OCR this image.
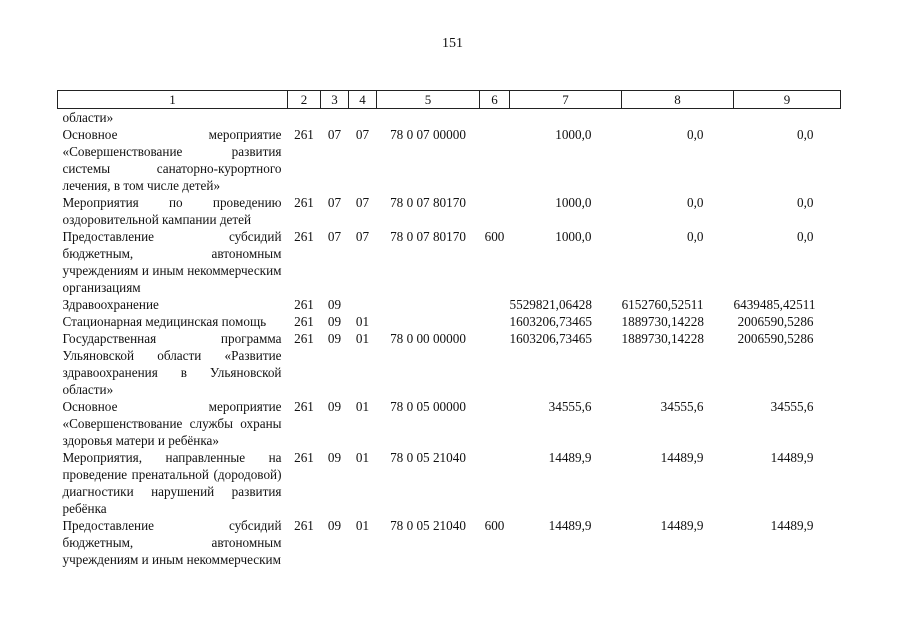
151
1	2	3	4	5	6	7	8	9
области»								
Основное мероприятие «Совершенствование развития системы санаторно-курортного лечения, в том числе детей»	261	07	07	78 0 07 00000		1000,0	0,0	0,0
Мероприятия по проведению оздоровительной кампании детей	261	07	07	78 0 07 80170		1000,0	0,0	0,0
Предоставление субсидий бюджетным, автономным учреждениям и иным некоммерческим организациям	261	07	07	78 0 07 80170	600	1000,0	0,0	0,0
Здравоохранение	261	09				5529821,06428	6152760,52511	6439485,42511
Стационарная медицинская помощь	261	09	01			1603206,73465	1889730,14228	2006590,5286
Государственная программа Ульяновской области «Развитие здравоохранения в Ульяновской области»	261	09	01	78 0 00 00000		1603206,73465	1889730,14228	2006590,5286
Основное мероприятие «Совершенствование службы охраны здоровья матери и ребёнка»	261	09	01	78 0 05 00000		34555,6	34555,6	34555,6
Мероприятия, направленные на проведение пренатальной (дородовой) диагностики нарушений развития ребёнка	261	09	01	78 0 05 21040		14489,9	14489,9	14489,9
Предоставление субсидий бюджетным, автономным учреждениям и иным некоммерческим	261	09	01	78 0 05 21040	600	14489,9	14489,9	14489,9
